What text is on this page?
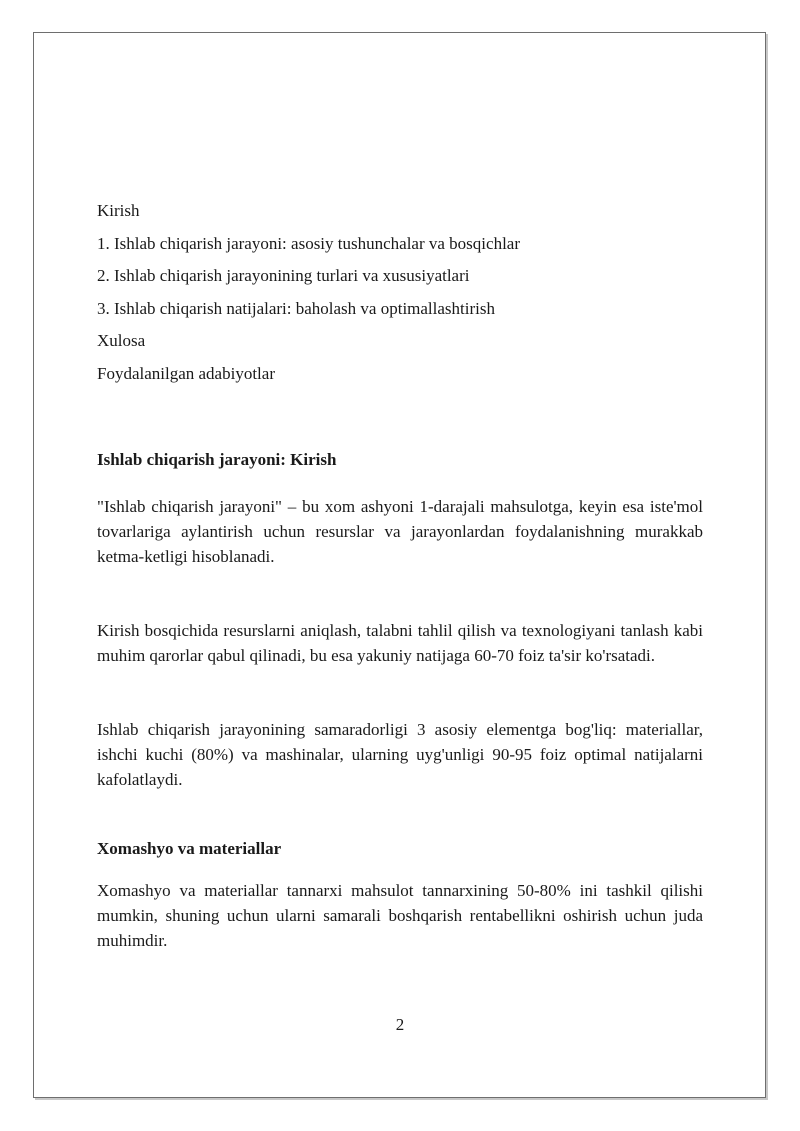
Kirish
1. Ishlab chiqarish jarayoni: asosiy tushunchalar va bosqichlar
2. Ishlab chiqarish jarayonining turlari va xususiyatlari
3. Ishlab chiqarish natijalari: baholash va optimallashtirish
Xulosa
Foydalanilgan adabiyotlar
Ishlab chiqarish jarayoni: Kirish

"Ishlab chiqarish jarayoni" – bu xom ashyoni 1-darajali mahsulotga, keyin esa iste'mol tovarlariga aylantirish uchun resurslar va jarayonlardan foydalanishning murakkab ketma-ketligi hisoblanadi.

Kirish bosqichida resurslarni aniqlash, talabni tahlil qilish va texnologiyani tanlash kabi muhim qarorlar qabul qilinadi, bu esa yakuniy natijaga 60-70 foiz ta'sir ko'rsatadi.

Ishlab chiqarish jarayonining samaradorligi 3 asosiy elementga bog'liq: materiallar, ishchi kuchi (80%) va mashinalar, ularning uyg'unligi 90-95 foiz optimal natijalarni kafolatlaydi.

Xomashyo va materiallar

Xomashyo va materiallar tannarxi mahsulot tannarxining 50-80% ini tashkil qilishi mumkin, shuning uchun ularni samarali boshqarish rentabellikni oshirish uchun juda muhimdir.

2
